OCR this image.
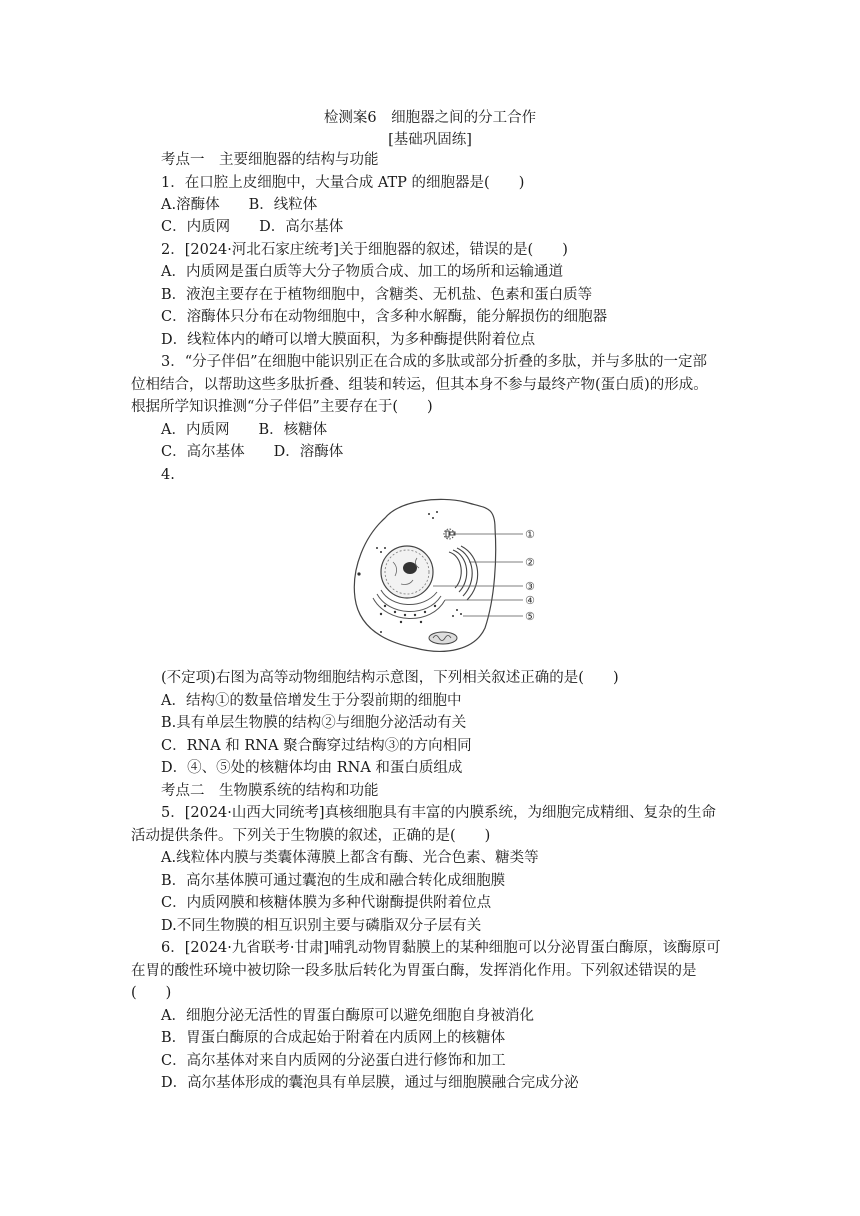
检测案6　细胞器之间的分工合作
[基础巩固练]
考点一　主要细胞器的结构与功能
1．在口腔上皮细胞中，大量合成 ATP 的细胞器是(　　)
A.溶酶体　　B．线粒体
C．内质网　　D．高尔基体
2．[2024·河北石家庄统考]关于细胞器的叙述，错误的是(　　)
A．内质网是蛋白质等大分子物质合成、加工的场所和运输通道
B．液泡主要存在于植物细胞中，含糖类、无机盐、色素和蛋白质等
C．溶酶体只分布在动物细胞中，含多种水解酶，能分解损伤的细胞器
D．线粒体内的嵴可以增大膜面积，为多种酶提供附着位点
3．“分子伴侣”在细胞中能识别正在合成的多肽或部分折叠的多肽，并与多肽的一定部
位相结合，以帮助这些多肽折叠、组装和转运，但其本身不参与最终产物(蛋白质)的形成。
根据所学知识推测“分子伴侣”主要存在于(　　)
A．内质网　　B．核糖体
C．高尔基体　　D．溶酶体
4.
①
②
③
④
⑤
(不定项)右图为高等动物细胞结构示意图，下列相关叙述正确的是(　　)
A．结构①的数量倍增发生于分裂前期的细胞中
B.具有单层生物膜的结构②与细胞分泌活动有关
C．RNA 和 RNA 聚合酶穿过结构③的方向相同
D．④、⑤处的核糖体均由 RNA 和蛋白质组成
考点二　生物膜系统的结构和功能
5．[2024·山西大同统考]真核细胞具有丰富的内膜系统，为细胞完成精细、复杂的生命
活动提供条件。下列关于生物膜的叙述，正确的是(　　)
A.线粒体内膜与类囊体薄膜上都含有酶、光合色素、糖类等
B．高尔基体膜可通过囊泡的生成和融合转化成细胞膜
C．内质网膜和核糖体膜为多种代谢酶提供附着位点
D.不同生物膜的相互识别主要与磷脂双分子层有关
6．[2024·九省联考·甘肃]哺乳动物胃黏膜上的某种细胞可以分泌胃蛋白酶原，该酶原可
在胃的酸性环境中被切除一段多肽后转化为胃蛋白酶，发挥消化作用。下列叙述错误的是
(　　)
A．细胞分泌无活性的胃蛋白酶原可以避免细胞自身被消化
B．胃蛋白酶原的合成起始于附着在内质网上的核糖体
C．高尔基体对来自内质网的分泌蛋白进行修饰和加工
D．高尔基体形成的囊泡具有单层膜，通过与细胞膜融合完成分泌
